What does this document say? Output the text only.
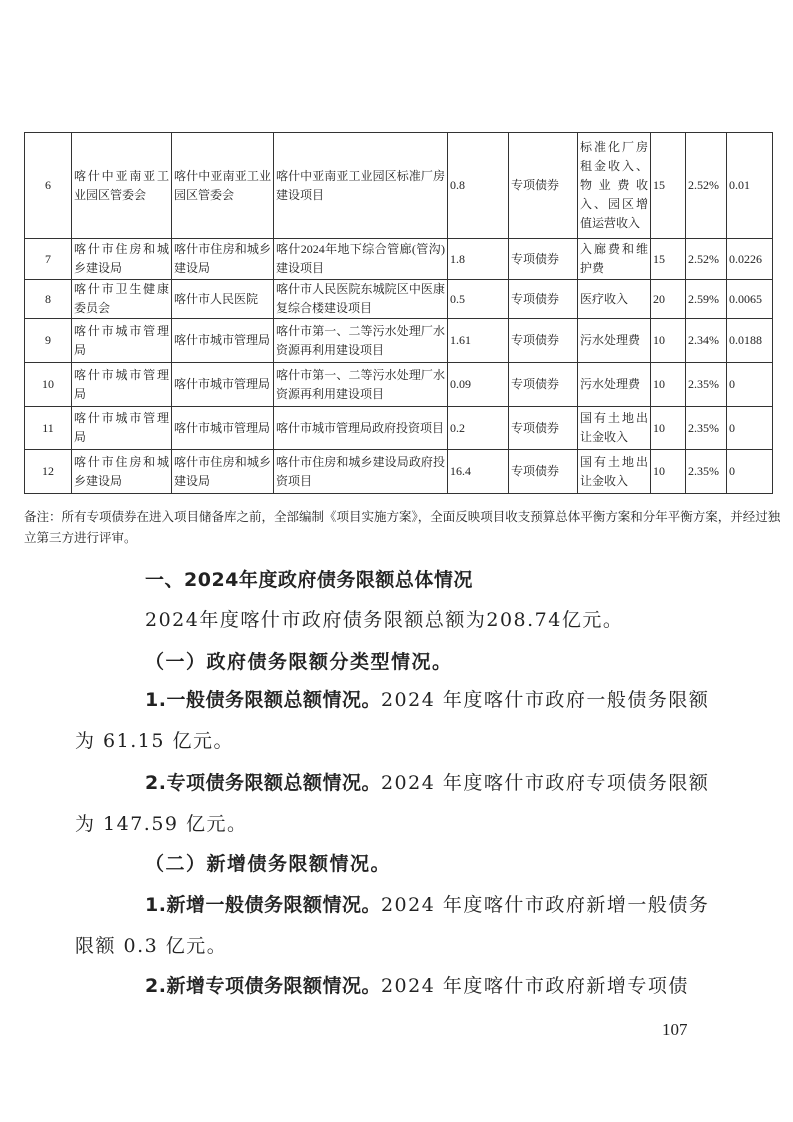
6	喀什中亚南亚工业园区管委会	喀什中亚南亚工业园区管委会	喀什中亚南亚工业园区标准厂房建设项目	0.8	专项债券	标准化厂房租金收入、物业费收入、园区增值运营收入	15	2.52%	0.01
7	喀什市住房和城乡建设局	喀什市住房和城乡建设局	喀什2024年地下综合管廊(管沟)建设项目	1.8	专项债券	入廊费和维护费	15	2.52%	0.0226
8	喀什市卫生健康委员会	喀什市人民医院	喀什市人民医院东城院区中医康复综合楼建设项目	0.5	专项债券	医疗收入	20	2.59%	0.0065
9	喀什市城市管理局	喀什市城市管理局	喀什市第一、二等污水处理厂水资源再利用建设项目	1.61	专项债券	污水处理费	10	2.34%	0.0188
10	喀什市城市管理局	喀什市城市管理局	喀什市第一、二等污水处理厂水资源再利用建设项目	0.09	专项债券	污水处理费	10	2.35%	0
11	喀什市城市管理局	喀什市城市管理局	喀什市城市管理局政府投资项目	0.2	专项债券	国有土地出让金收入	10	2.35%	0
12	喀什市住房和城乡建设局	喀什市住房和城乡建设局	喀什市住房和城乡建设局政府投资项目	16.4	专项债券	国有土地出让金收入	10	2.35%	0
备注：所有专项债券在进入项目储备库之前，全部编制《项目实施方案》，全面反映项目收支预算总体平衡方案和分年平衡方案，并经过独立第三方进行评审。
一、2024年度政府债务限额总体情况
2024年度喀什市政府债务限额总额为208.74亿元。
（一）政府债务限额分类型情况。
1.一般债务限额总额情况。2024 年度喀什市政府一般债务限额为 61.15 亿元。
2.专项债务限额总额情况。2024 年度喀什市政府专项债务限额为 147.59 亿元。
（二）新增债务限额情况。
1.新增一般债务限额情况。2024 年度喀什市政府新增一般债务限额 0.3 亿元。
2.新增专项债务限额情况。2024 年度喀什市政府新增专项债
107
